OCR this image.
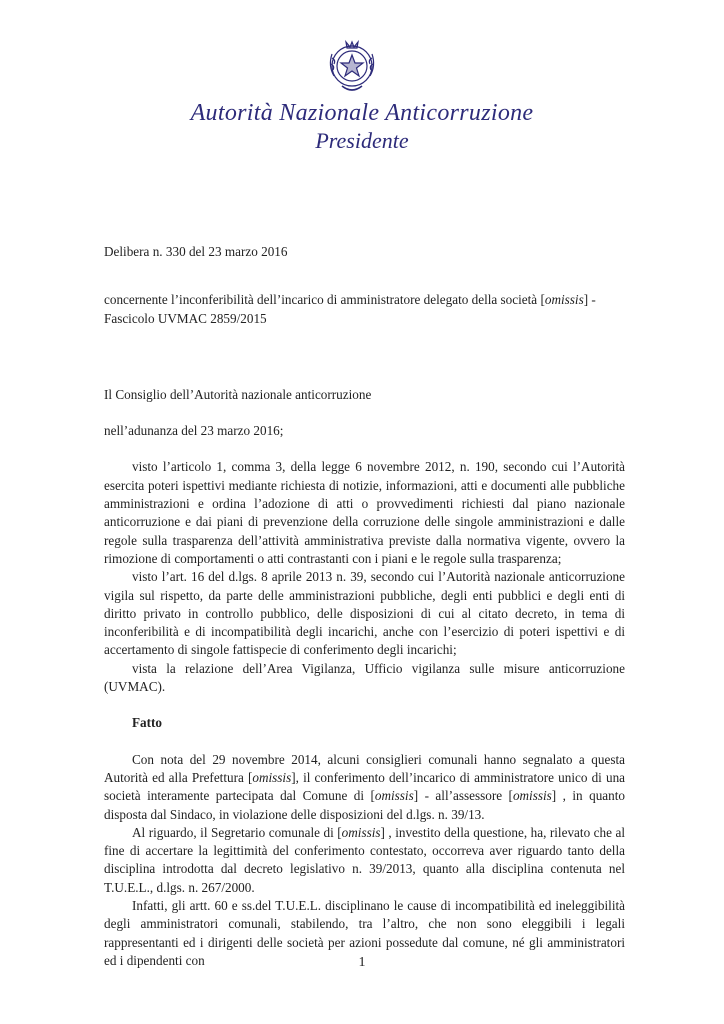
Autorità Nazionale Anticorruzione
Presidente

Delibera n. 330 del 23 marzo 2016

concernente l’inconferibilità dell’incarico di amministratore delegato della società [omissis] -

Fascicolo UVMAC 2859/2015

Il Consiglio dell’Autorità nazionale anticorruzione

nell’adunanza del 23 marzo 2016;

visto l’articolo 1, comma 3, della legge 6 novembre 2012, n. 190, secondo cui l’Autorità esercita poteri ispettivi mediante richiesta di notizie, informazioni, atti e documenti alle pubbliche amministrazioni e ordina l’adozione di atti o provvedimenti richiesti dal piano nazionale anticorruzione e dai piani di prevenzione della corruzione delle singole amministrazioni e dalle regole sulla trasparenza dell’attività amministrativa previste dalla normativa vigente, ovvero la rimozione di comportamenti o atti contrastanti con i piani e le regole sulla trasparenza;

visto l’art. 16 del d.lgs. 8 aprile 2013 n. 39, secondo cui l’Autorità nazionale anticorruzione vigila sul rispetto, da parte delle amministrazioni pubbliche, degli enti pubblici e degli enti di diritto privato in controllo pubblico, delle disposizioni di cui al citato decreto, in tema di inconferibilità e di incompatibilità degli incarichi, anche con l’esercizio di poteri ispettivi e di accertamento di singole fattispecie di conferimento degli incarichi;

vista la relazione dell’Area Vigilanza, Ufficio vigilanza sulle misure anticorruzione (UVMAC).

Fatto

Con nota del 29 novembre 2014, alcuni consiglieri comunali hanno segnalato a questa Autorità ed alla Prefettura [omissis], il conferimento dell’incarico di amministratore unico di una società interamente partecipata dal Comune di [omissis] - all’assessore [omissis] , in quanto disposta dal Sindaco, in violazione delle disposizioni del d.lgs. n. 39/13.

Al riguardo, il Segretario comunale di [omissis] , investito della questione, ha, rilevato che al fine di accertare la legittimità del conferimento contestato, occorreva aver riguardo tanto della disciplina introdotta dal decreto legislativo n. 39/2013, quanto alla disciplina contenuta nel T.U.E.L., d.lgs. n. 267/2000.

Infatti, gli artt. 60 e ss.del T.U.E.L. disciplinano le cause di incompatibilità ed ineleggibilità degli amministratori comunali, stabilendo, tra l’altro, che non sono eleggibili i legali rappresentanti ed i dirigenti delle società per azioni possedute dal comune, né gli amministratori ed i dipendenti con	1
